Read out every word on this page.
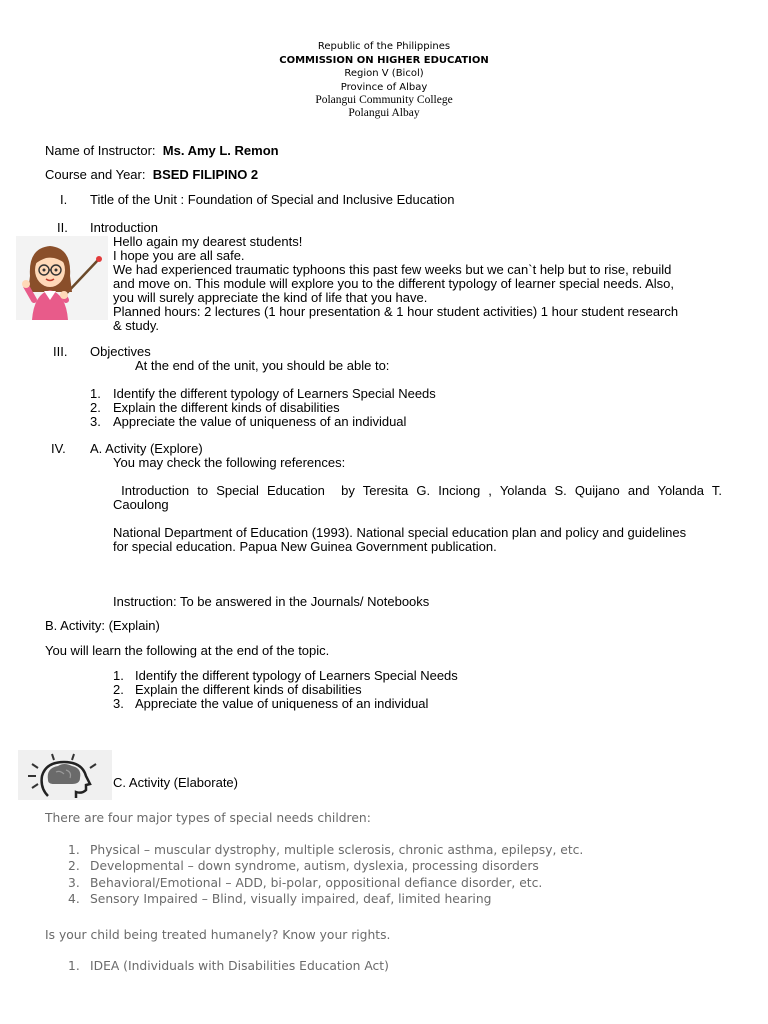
Republic of the Philippines
COMMISSION ON HIGHER EDUCATION
Region V (Bicol)
Province of Albay
Polangui Community College
Polangui Albay
Name of Instructor: Ms. Amy L. Remon
Course and Year: BSED FILIPINO 2
I. Title of the Unit : Foundation of Special and Inclusive Education
II. Introduction
Hello again my dearest students!
I hope you are all safe.
We had experienced traumatic typhoons this past few weeks but we can`t help but to rise, rebuild
and move on. This module will explore you to the different typology of learner special needs. Also,
you will surely appreciate the kind of life that you have.
Planned hours: 2 lectures (1 hour presentation & 1 hour student activities) 1 hour student research
& study.
III. Objectives
At the end of the unit, you should be able to:
1. Identify the different typology of Learners Special Needs
2. Explain the different kinds of disabilities
3. Appreciate the value of uniqueness of an individual
IV. A. Activity (Explore)
You may check the following references:
Introduction to Special Education  by Teresita G. Inciong , Yolanda S. Quijano and Yolanda T.
Caoulong
National Department of Education (1993). National special education plan and policy and guidelines
for special education. Papua New Guinea Government publication.
Instruction: To be answered in the Journals/ Notebooks
B. Activity: (Explain)
You will learn the following at the end of the topic.
1. Identify the different typology of Learners Special Needs
2. Explain the different kinds of disabilities
3. Appreciate the value of uniqueness of an individual
C. Activity (Elaborate)
There are four major types of special needs children:
1. Physical – muscular dystrophy, multiple sclerosis, chronic asthma, epilepsy, etc.
2. Developmental – down syndrome, autism, dyslexia, processing disorders
3. Behavioral/Emotional – ADD, bi-polar, oppositional defiance disorder, etc.
4. Sensory Impaired – Blind, visually impaired, deaf, limited hearing
Is your child being treated humanely? Know your rights.
1. IDEA (Individuals with Disabilities Education Act)
